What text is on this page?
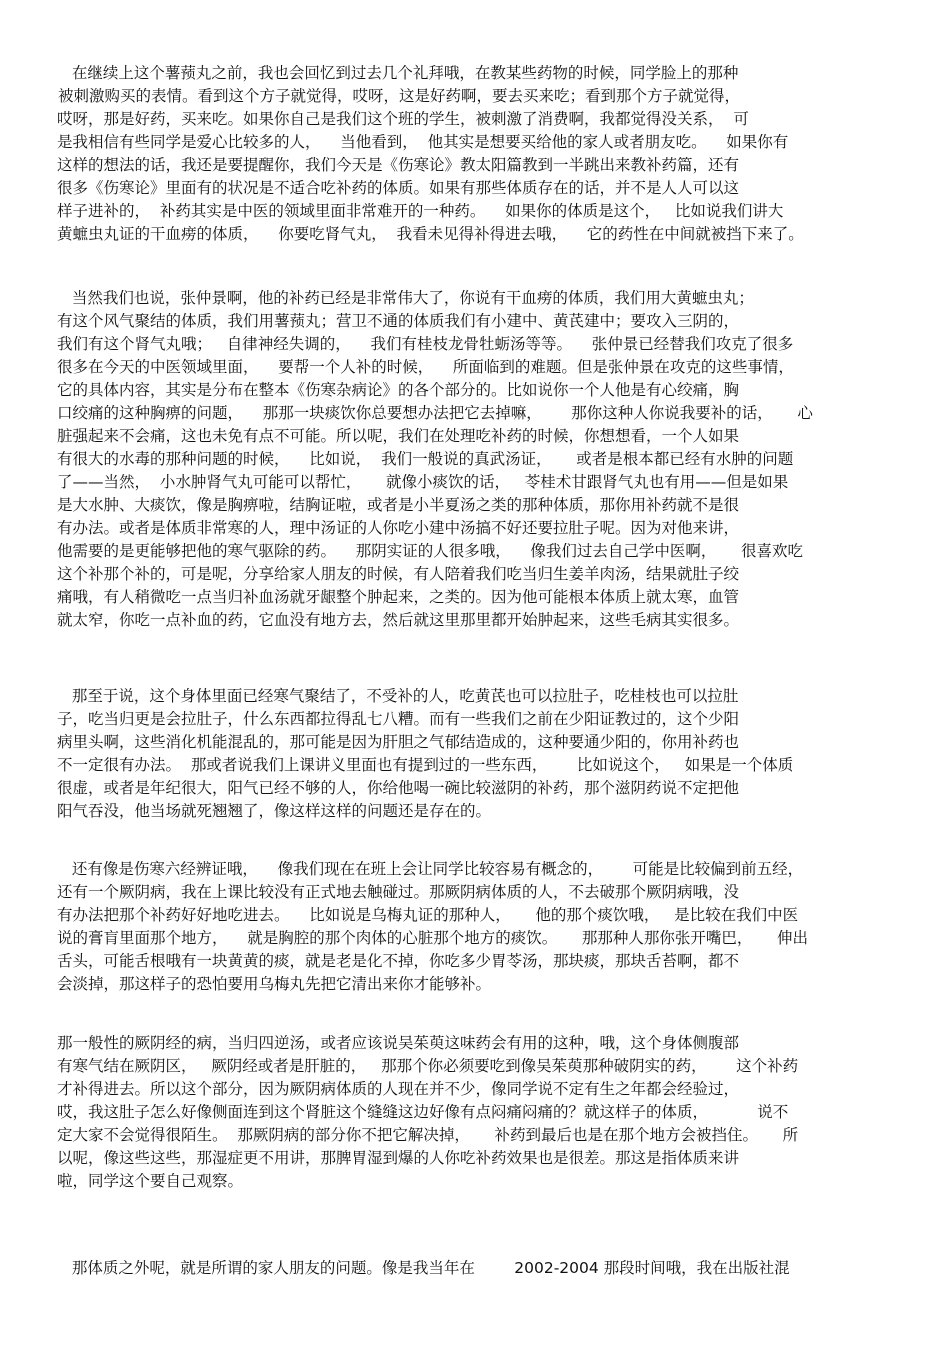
在继续上这个薯蓣丸之前，我也会回忆到过去几个礼拜哦，在教某些药物的时候，同学脸上的那种
被刺激购买的表情。看到这个方子就觉得，哎呀，这是好药啊，要去买来吃；看到那个方子就觉得，
哎呀，那是好药，买来吃。如果你自己是我们这个班的学生，被刺激了消费啊，我都觉得没关系，  可
是我相信有些同学是爱心比较多的人，    当他看到，  他其实是想要买给他的家人或者朋友吃。    如果你有
这样的想法的话，我还是要提醒你，我们今天是《伤寒论》教太阳篇教到一半跳出来教补药篇，还有
很多《伤寒论》里面有的状况是不适合吃补药的体质。如果有那些体质存在的话，并不是人人可以这
样子进补的，  补药其实是中医的领域里面非常难开的一种药。    如果你的体质是这个，   比如说我们讲大
黄蟅虫丸证的干血痨的体质，    你要吃肾气丸，  我看未见得补得进去哦，    它的药性在中间就被挡下来了。
当然我们也说，张仲景啊，他的补药已经是非常伟大了，你说有干血痨的体质，我们用大黄蟅虫丸；
有这个风气聚结的体质，我们用薯蓣丸；营卫不通的体质我们有小建中、黄芪建中；要攻入三阴的，
我们有这个肾气丸哦；   自律神经失调的，    我们有桂枝龙骨牡蛎汤等等。    张仲景已经替我们攻克了很多
很多在今天的中医领域里面，    要帮一个人补的时候，    所面临到的难题。但是张仲景在攻克的这些事情，
它的具体内容，其实是分布在整本《伤寒杂病论》的各个部分的。比如说你一个人他是有心绞痛，胸
口绞痛的这种胸痹的问题，    那那一块痰饮你总要想办法把它去掉嘛，      那你这种人你说我要补的话，     心
脏强起来不会痛，这也未免有点不可能。所以呢，我们在处理吃补药的时候，你想想看，一个人如果
有很大的水毒的那种问题的时候，    比如说，  我们一般说的真武汤证，     或者是根本都已经有水肿的问题
了——当然，  小水肿肾气丸可能可以帮忙，     就像小痰饮的话，   苓桂术甘跟肾气丸也有用——但是如果
是大水肿、大痰饮，像是胸痹啦，结胸证啦，或者是小半夏汤之类的那种体质，那你用补药就不是很
有办法。或者是体质非常寒的人，理中汤证的人你吃小建中汤搞不好还要拉肚子呢。因为对他来讲，
他需要的是更能够把他的寒气驱除的药。    那阴实证的人很多哦，    像我们过去自己学中医啊，     很喜欢吃
这个补那个补的，可是呢，分享给家人朋友的时候，有人陪着我们吃当归生姜羊肉汤，结果就肚子绞
痛哦，有人稍微吃一点当归补血汤就牙龈整个肿起来，之类的。因为他可能根本体质上就太寒，血管
就太窄，你吃一点补血的药，它血没有地方去，然后就这里那里都开始肿起来，这些毛病其实很多。
那至于说，这个身体里面已经寒气聚结了，不受补的人，吃黄芪也可以拉肚子，吃桂枝也可以拉肚
子，吃当归更是会拉肚子，什么东西都拉得乱七八糟。而有一些我们之前在少阳证教过的，这个少阳
病里头啊，这些消化机能混乱的，那可能是因为肝胆之气郁结造成的，这种要通少阳的，你用补药也
不一定很有办法。  那或者说我们上课讲义里面也有提到过的一些东西，      比如说这个，   如果是一个体质
很虚，或者是年纪很大，阳气已经不够的人，你给他喝一碗比较滋阴的补药，那个滋阴药说不定把他
阳气吞没，他当场就死翘翘了，像这样这样的问题还是存在的。
还有像是伤寒六经辨证哦，    像我们现在在班上会让同学比较容易有概念的，      可能是比较偏到前五经，
还有一个厥阴病，我在上课比较没有正式地去触碰过。那厥阴病体质的人，不去破那个厥阴病哦，没
有办法把那个补药好好地吃进去。    比如说是乌梅丸证的那种人，     他的那个痰饮哦，   是比较在我们中医
说的膏肓里面那个地方，    就是胸腔的那个肉体的心脏那个地方的痰饮。     那那种人那你张开嘴巴，     伸出
舌头，可能舌根哦有一块黄黄的痰，就是老是化不掉，你吃多少胃苓汤，那块痰，那块舌苔啊，都不
会淡掉，那这样子的恐怕要用乌梅丸先把它清出来你才能够补。
那一般性的厥阴经的病，当归四逆汤，或者应该说吴茱萸这味药会有用的这种，哦，这个身体侧腹部
有寒气结在厥阴区，   厥阴经或者是肝脏的，   那那个你必须要吃到像吴茱萸那种破阴实的药，      这个补药
才补得进去。所以这个部分，因为厥阴病体质的人现在并不少，像同学说不定有生之年都会经验过，
哎，我这肚子怎么好像侧面连到这个肾脏这个缝缝这边好像有点闷痛闷痛的？就这样子的体质，          说不
定大家不会觉得很陌生。  那厥阴病的部分你不把它解决掉，     补药到最后也是在那个地方会被挡住。     所
以呢，像这些这些，那湿症更不用讲，那脾胃湿到爆的人你吃补药效果也是很差。那这是指体质来讲
啦，同学这个要自己观察。
那体质之外呢，就是所谓的家人朋友的问题。像是我当年在        2002-2004 那段时间哦，我在出版社混
